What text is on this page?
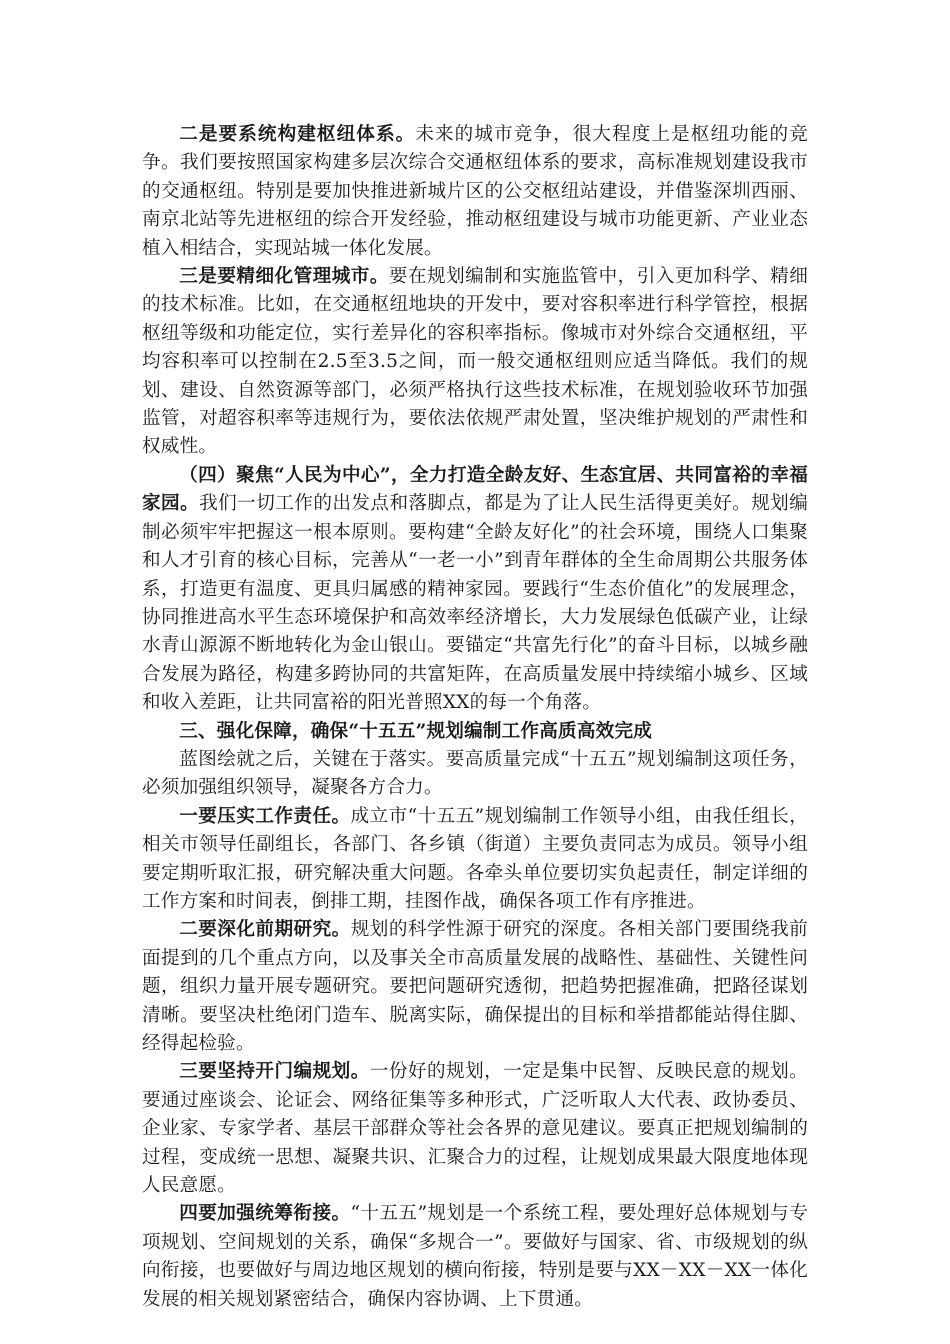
二是要系统构建枢纽体系。未来的城市竞争，很大程度上是枢纽功能的竞争。我们要按照国家构建多层次综合交通枢纽体系的要求，高标准规划建设我市的交通枢纽。特别是要加快推进新城片区的公交枢纽站建设，并借鉴深圳西丽、南京北站等先进枢纽的综合开发经验，推动枢纽建设与城市功能更新、产业业态植入相结合，实现站城一体化发展。

三是要精细化管理城市。要在规划编制和实施监管中，引入更加科学、精细的技术标准。比如，在交通枢纽地块的开发中，要对容积率进行科学管控，根据枢纽等级和功能定位，实行差异化的容积率指标。像城市对外综合交通枢纽，平均容积率可以控制在2.5至3.5之间，而一般交通枢纽则应适当降低。我们的规划、建设、自然资源等部门，必须严格执行这些技术标准，在规划验收环节加强监管，对超容积率等违规行为，要依法依规严肃处置，坚决维护规划的严肃性和权威性。

（四）聚焦“人民为中心”，全力打造全龄友好、生态宜居、共同富裕的幸福家园。我们一切工作的出发点和落脚点，都是为了让人民生活得更美好。规划编制必须牢牢把握这一根本原则。要构建“全龄友好化”的社会环境，围绕人口集聚和人才引育的核心目标，完善从“一老一小”到青年群体的全生命周期公共服务体系，打造更有温度、更具归属感的精神家园。要践行“生态价值化”的发展理念，协同推进高水平生态环境保护和高效率经济增长，大力发展绿色低碳产业，让绿水青山源源不断地转化为金山银山。要锚定“共富先行化”的奋斗目标，以城乡融合发展为路径，构建多跨协同的共富矩阵，在高质量发展中持续缩小城乡、区域和收入差距，让共同富裕的阳光普照XX的每一个角落。

三、强化保障，确保“十五五”规划编制工作高质高效完成

蓝图绘就之后，关键在于落实。要高质量完成“十五五”规划编制这项任务，必须加强组织领导，凝聚各方合力。

一要压实工作责任。成立市“十五五”规划编制工作领导小组，由我任组长，相关市领导任副组长，各部门、各乡镇（街道）主要负责同志为成员。领导小组要定期听取汇报，研究解决重大问题。各牵头单位要切实负起责任，制定详细的工作方案和时间表，倒排工期，挂图作战，确保各项工作有序推进。

二要深化前期研究。规划的科学性源于研究的深度。各相关部门要围绕我前面提到的几个重点方向，以及事关全市高质量发展的战略性、基础性、关键性问题，组织力量开展专题研究。要把问题研究透彻，把趋势把握准确，把路径谋划清晰。要坚决杜绝闭门造车、脱离实际，确保提出的目标和举措都能站得住脚、经得起检验。

三要坚持开门编规划。一份好的规划，一定是集中民智、反映民意的规划。要通过座谈会、论证会、网络征集等多种形式，广泛听取人大代表、政协委员、企业家、专家学者、基层干部群众等社会各界的意见建议。要真正把规划编制的过程，变成统一思想、凝聚共识、汇聚合力的过程，让规划成果最大限度地体现人民意愿。

四要加强统筹衔接。“十五五”规划是一个系统工程，要处理好总体规划与专项规划、空间规划的关系，确保“多规合一”。要做好与国家、省、市级规划的纵向衔接，也要做好与周边地区规划的横向衔接，特别是要与XX－XX－XX一体化发展的相关规划紧密结合，确保内容协调、上下贯通。
